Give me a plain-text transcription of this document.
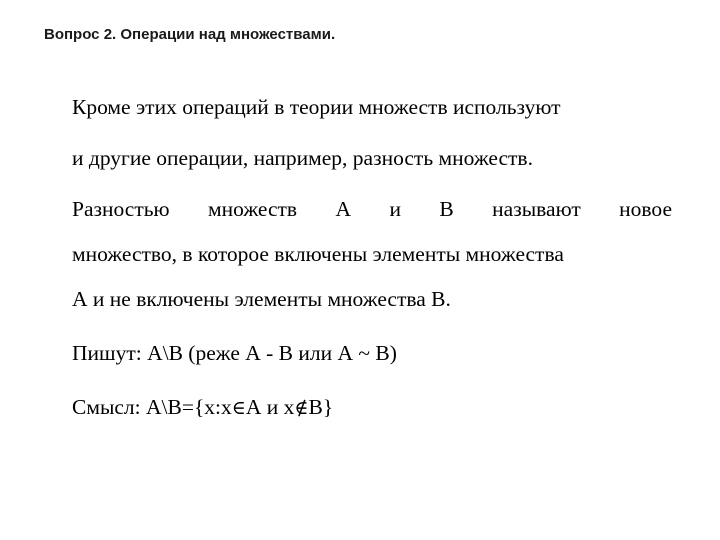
Вопрос 2. Операции над множествами.
Кроме этих операций в теории множеств используют
и другие операции, например, разность множеств.
Разностью множеств А и В называют новое
множество, в которое включены элементы множества
А и не включены элементы множества В.
Пишут: А\В (реже А - В или А ~ В)
Смысл: А\В={x:x∈А и x∉В}
